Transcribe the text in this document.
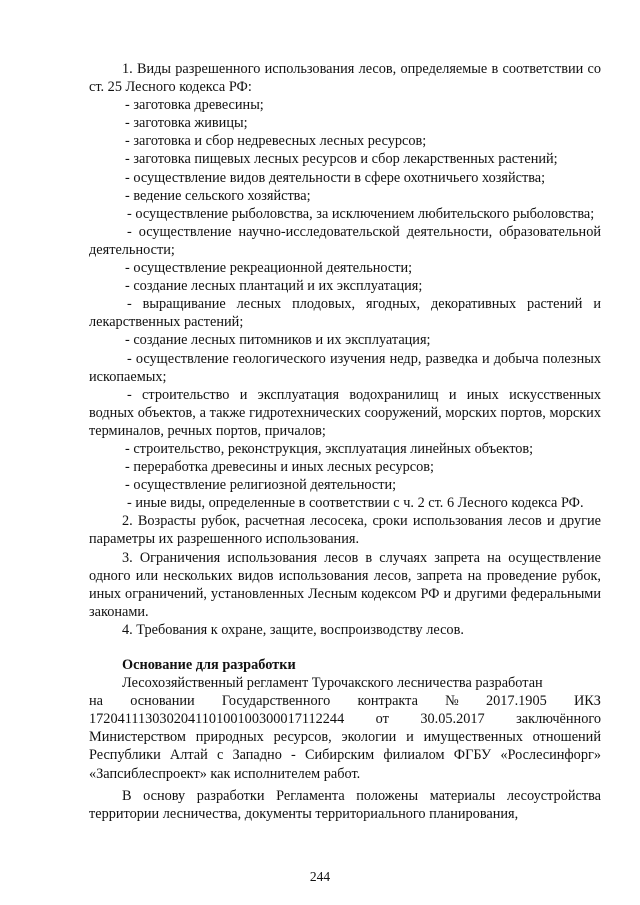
1. Виды разрешенного использования лесов, определяемые в соответствии со ст. 25 Лесного кодекса РФ:

- заготовка древесины;

- заготовка живицы;

- заготовка и сбор недревесных лесных ресурсов;

- заготовка пищевых лесных ресурсов и сбор лекарственных растений;

- осуществление видов деятельности в сфере охотничьего хозяйства;

- ведение сельского хозяйства;

- осуществление рыболовства, за исключением любительского рыболовства;

- осуществление научно-исследовательской деятельности, образовательной деятельности;

- осуществление рекреационной деятельности;

- создание лесных плантаций и их эксплуатация;

- выращивание лесных плодовых, ягодных, декоративных растений и лекарственных растений;

- создание лесных питомников и их эксплуатация;

- осуществление геологического изучения недр, разведка и добыча полезных ископаемых;

- строительство и эксплуатация водохранилищ и иных искусственных водных объектов, а также гидротехнических сооружений, морских портов, морских терминалов, речных портов, причалов;

- строительство, реконструкция, эксплуатация линейных объектов;

- переработка древесины и иных лесных ресурсов;

- осуществление религиозной деятельности;

- иные виды, определенные в соответствии с ч. 2 ст. 6 Лесного кодекса РФ.

2. Возрасты рубок, расчетная лесосека, сроки использования лесов и другие параметры их разрешенного использования.

3. Ограничения использования лесов в случаях запрета на осуществление одного или нескольких видов использования лесов, запрета на проведение рубок, иных ограничений, установленных Лесным кодексом РФ и другими федеральными законами.

4. Требования к охране, защите, воспроизводству лесов.

Основание для разработки

Лесохозяйственный регламент Турочакского лесничества разработан

на основании Государственного контракта № 2017.1905 ИКЗ

172041113030204110100100300017112244 от 30.05.2017 заключённого Министерством природных ресурсов, экологии и имущественных отношений Республики Алтай с Западно - Сибирским филиалом ФГБУ «Рослесинфорг» «Запсиблеспроект» как исполнителем работ.

В основу разработки Регламента положены материалы лесоустройства территории лесничества, документы территориального планирования,

244
